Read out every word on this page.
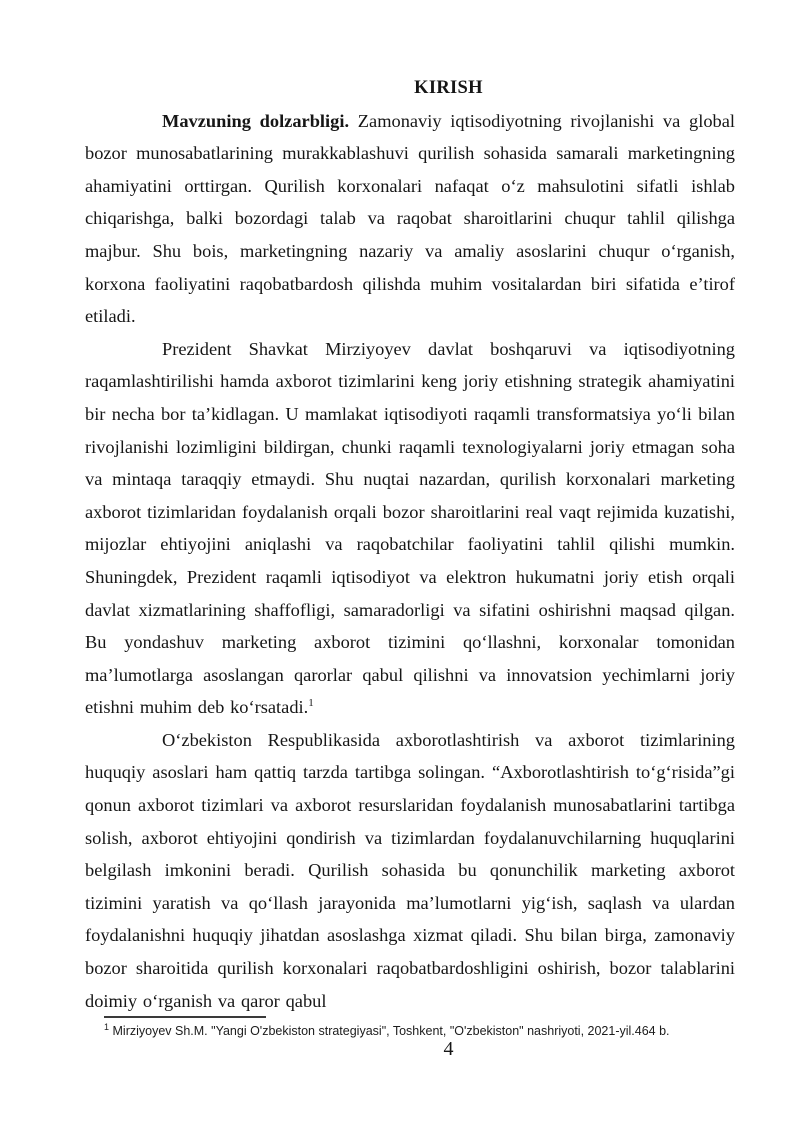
KIRISH

Mavzuning dolzarbligi. Zamonaviy iqtisodiyotning rivojlanishi va global bozor munosabatlarining murakkablashuvi qurilish sohasida samarali marketingning ahamiyatini orttirgan. Qurilish korxonalari nafaqat o‘z mahsulotini sifatli ishlab chiqarishga, balki bozordagi talab va raqobat sharoitlarini chuqur tahlil qilishga majbur. Shu bois, marketingning nazariy va amaliy asoslarini chuqur o‘rganish, korxona faoliyatini raqobatbardosh qilishda muhim vositalardan biri sifatida e’tirof etiladi.

Prezident Shavkat Mirziyoyev davlat boshqaruvi va iqtisodiyotning raqamlashtirilishi hamda axborot tizimlarini keng joriy etishning strategik ahamiyatini bir necha bor ta’kidlagan. U mamlakat iqtisodiyoti raqamli transformatsiya yo‘li bilan rivojlanishi lozimligini bildirgan, chunki raqamli texnologiyalarni joriy etmagan soha va mintaqa taraqqiy etmaydi. Shu nuqtai nazardan, qurilish korxonalari marketing axborot tizimlaridan foydalanish orqali bozor sharoitlarini real vaqt rejimida kuzatishi, mijozlar ehtiyojini aniqlashi va raqobatchilar faoliyatini tahlil qilishi mumkin. Shuningdek, Prezident raqamli iqtisodiyot va elektron hukumatni joriy etish orqali davlat xizmatlarining shaffofligi, samaradorligi va sifatini oshirishni maqsad qilgan. Bu yondashuv marketing axborot tizimini qo‘llashni, korxonalar tomonidan ma’lumotlarga asoslangan qarorlar qabul qilishni va innovatsion yechimlarni joriy etishni muhim deb ko‘rsatadi.$^1$

O‘zbekiston Respublikasida axborotlashtirish va axborot tizimlarining huquqiy asoslari ham qattiq tarzda tartibga solingan. “Axborotlashtirish to‘g‘risida”gi qonun axborot tizimlari va axborot resurslaridan foydalanish munosabatlarini tartibga solish, axborot ehtiyojini qondirish va tizimlardan foydalanuvchilarning huquqlarini belgilash imkonini beradi. Qurilish sohasida bu qonunchilik marketing axborot tizimini yaratish va qo‘llash jarayonida ma’lumotlarni yig‘ish, saqlash va ulardan foydalanishni huquqiy jihatdan asoslashga xizmat qiladi. Shu bilan birga, zamonaviy bozor sharoitida qurilish korxonalari raqobatbardoshligini oshirish, bozor talablarini doimiy o‘rganish va qaror qabul

$^1$ Mirziyoyev Sh.M. "Yangi O'zbekiston strategiyasi", Toshkent, "O'zbekiston" nashriyoti, 2021-yil.464 b.
4
